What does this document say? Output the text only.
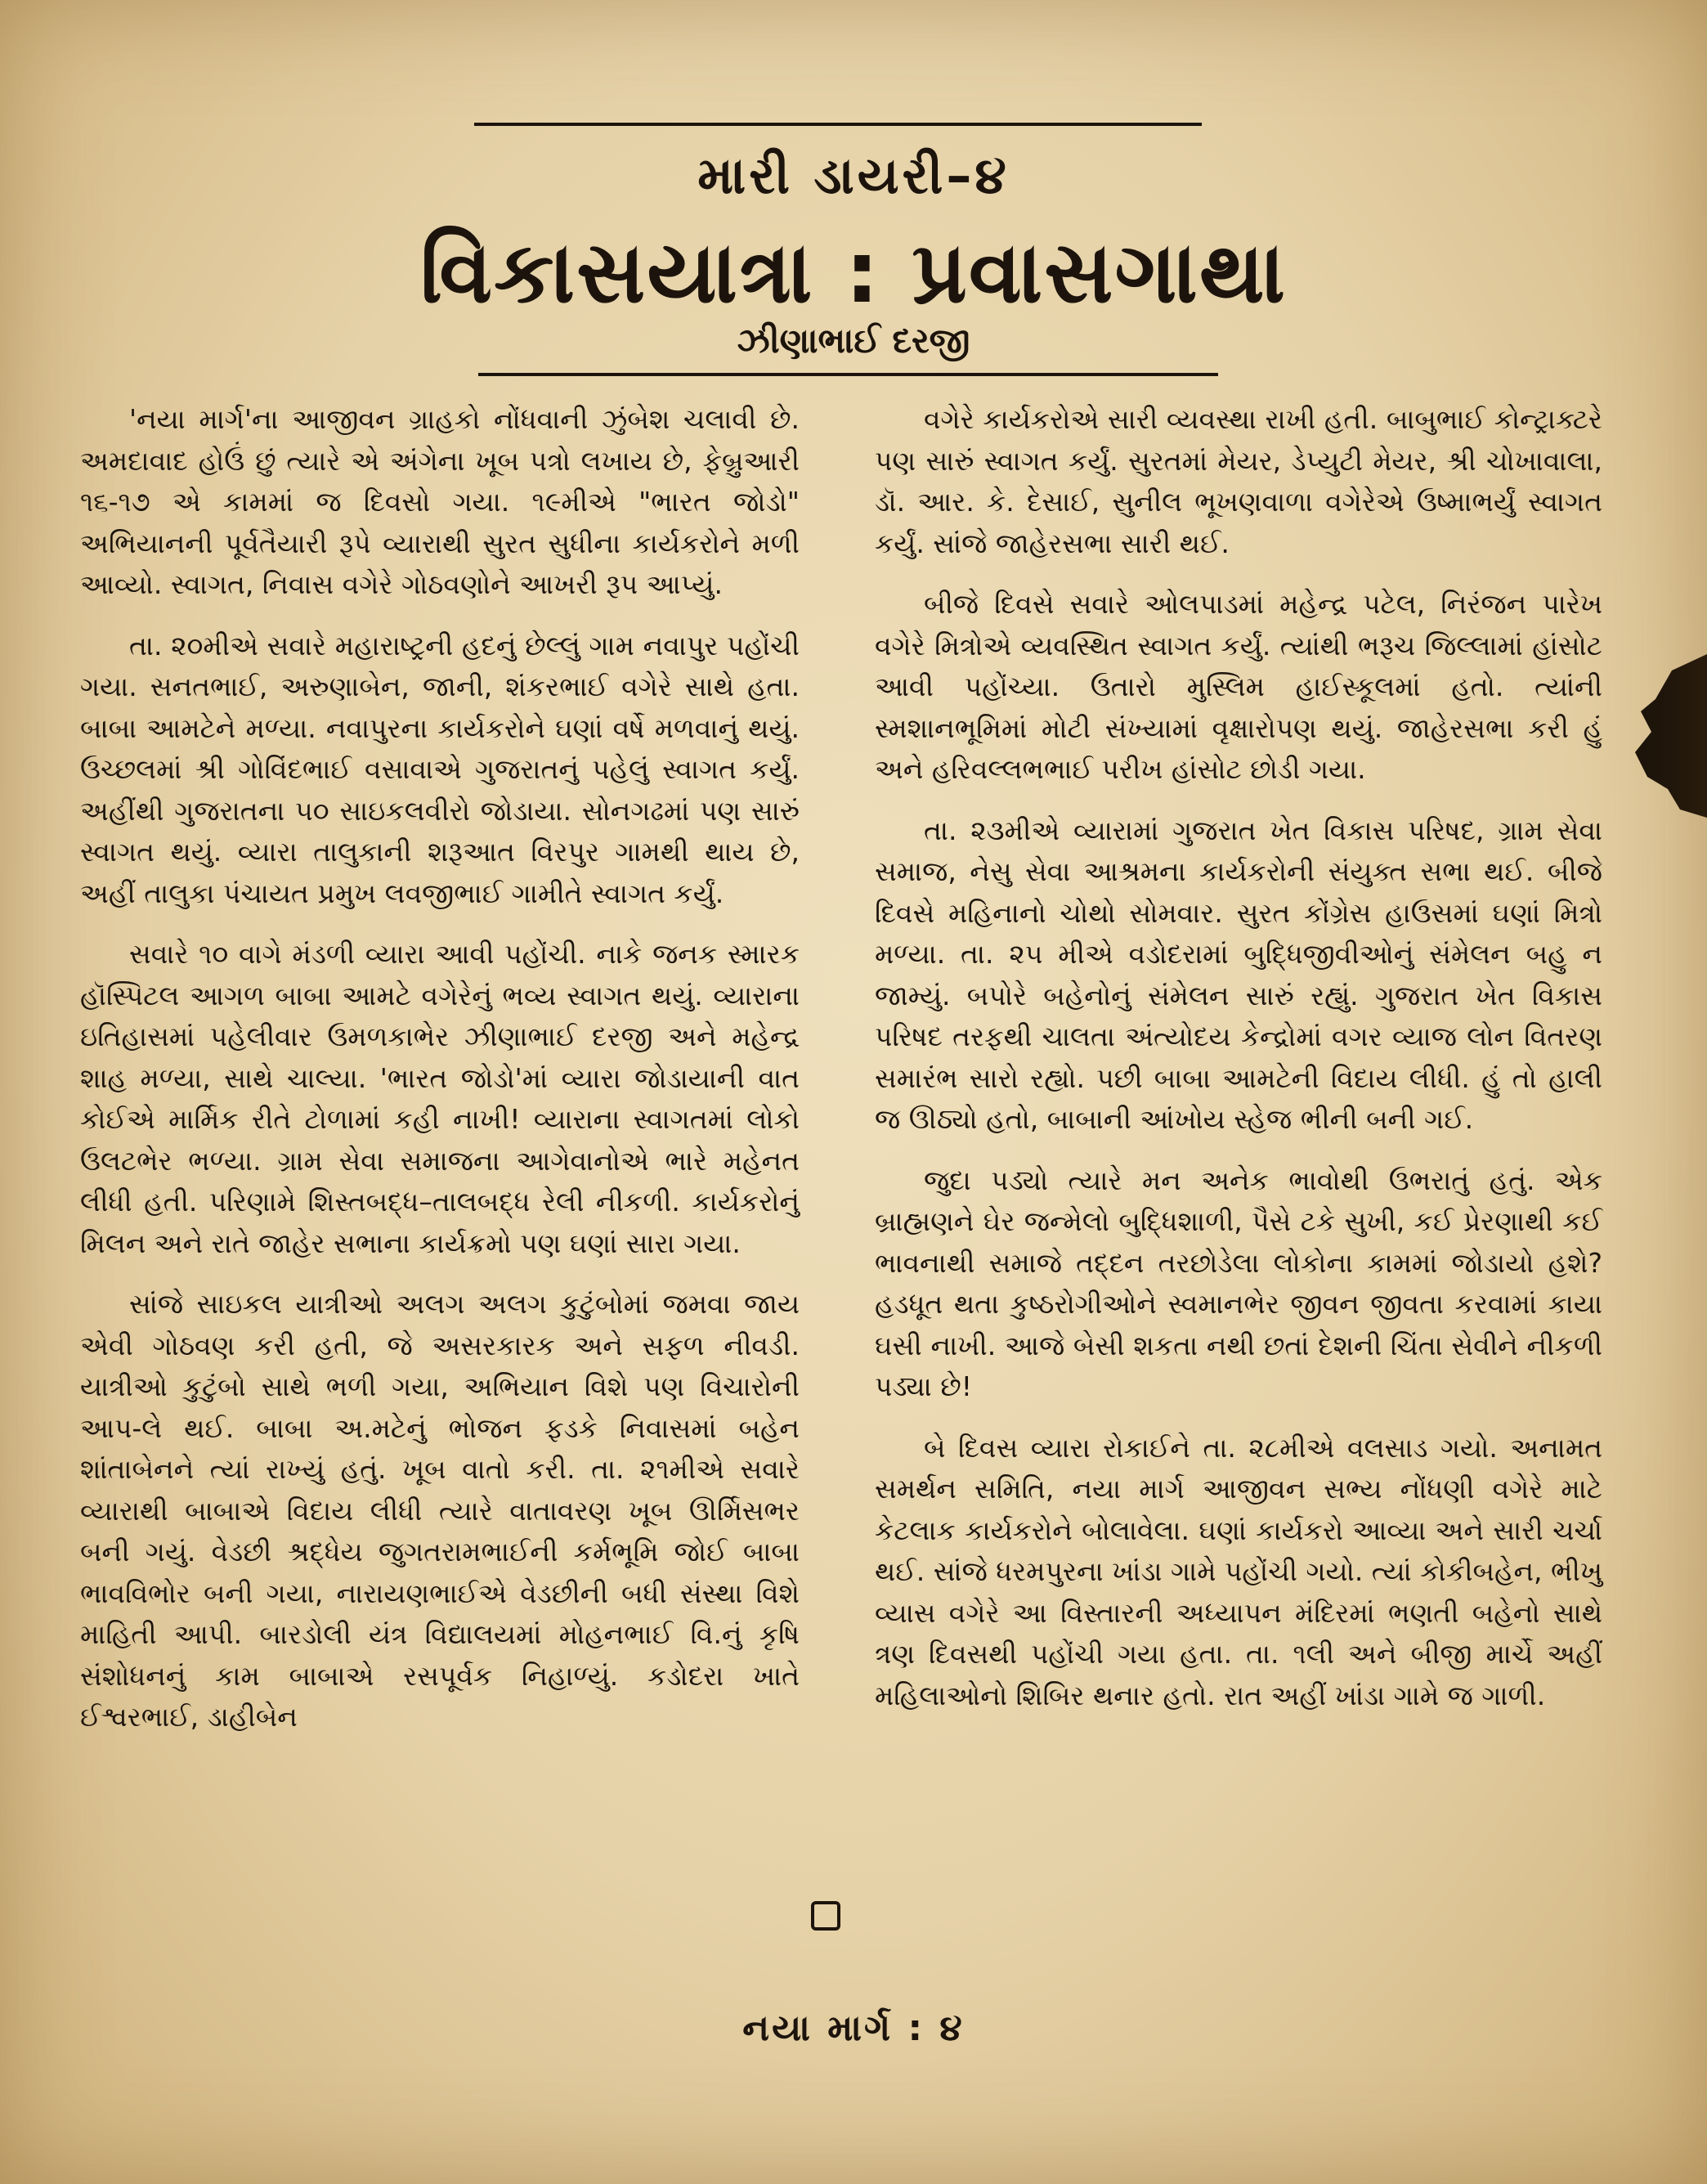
મારી ડાયરી–૪
વિકાસયાત્રા : પ્રવાસગાથા
ઝીણાભાઈ દરજી

'નયા માર્ગ'ના આજીવન ગ્રાહકો નોંધવાની ઝુંબેશ ચલાવી છે. અમદાવાદ હોઉં છું ત્યારે એ અંગેના ખૂબ પત્રો લખાય છે, ફેબ્રુઆરી ૧૬-૧૭ એ કામમાં જ દિવસો ગયા. ૧૯મીએ "ભારત જોડો" અભિયાનની પૂર્વતૈયારી રૂપે વ્યારાથી સુરત સુધીના કાર્યકરોને મળી આવ્યો. સ્વાગત, નિવાસ વગેરે ગોઠવણોને આખરી રૂપ આપ્યું.

તા. ૨૦મીએ સવારે મહારાષ્ટ્રની હદનું છેલ્લું ગામ નવાપુર પહોંચી ગયા. સનતભાઈ, અરુણાબેન, જાની, શંકરભાઈ વગેરે સાથે હતા. બાબા આમટેને મળ્યા. નવાપુરના કાર્યકરોને ઘણાં વર્ષે મળવાનું થયું. ઉચ્છલમાં શ્રી ગોવિંદભાઈ વસાવાએ ગુજરાતનું પહેલું સ્વાગત કર્યું. અહીંથી ગુજરાતના ૫૦ સાઇકલવીરો જોડાયા. સોનગઢમાં પણ સારું સ્વાગત થયું. વ્યારા તાલુકાની શરૂઆત વિરપુર ગામથી થાય છે, અહીં તાલુકા પંચાયત પ્રમુખ લવજીભાઈ ગામીતે સ્વાગત કર્યું.

સવારે ૧૦ વાગે મંડળી વ્યારા આવી પહોંચી. નાકે જનક સ્મારક હૉસ્પિટલ આગળ બાબા આમટે વગેરેનું ભવ્ય સ્વાગત થયું. વ્યારાના ઇતિહાસમાં પહેલીવાર ઉમળકાભેર ઝીણાભાઈ દરજી અને મહેન્દ્ર શાહ મળ્યા, સાથે ચાલ્યા. 'ભારત જોડો'માં વ્યારા જોડાયાની વાત કોઈએ માર્મિક રીતે ટોળામાં કહી નાખી! વ્યારાના સ્વાગતમાં લોકો ઉલટભેર ભળ્યા. ગ્રામ સેવા સમાજના આગેવાનોએ ભારે મહેનત લીધી હતી. પરિણામે શિસ્તબદ્ધ–તાલબદ્ધ રેલી નીકળી. કાર્યકરોનું મિલન અને રાતે જાહેર સભાના કાર્યક્રમો પણ ઘણાં સારા ગયા.

સાંજે સાઇકલ યાત્રીઓ અલગ અલગ કુટુંબોમાં જમવા જાય એવી ગોઠવણ કરી હતી, જે અસરકારક અને સફળ નીવડી. યાત્રીઓ કુટુંબો સાથે ભળી ગયા, અભિયાન વિશે પણ વિચારોની આપ-લે થઈ. બાબા અ.મટેનું ભોજન ફડકે નિવાસમાં બહેન શાંતાબેનને ત્યાં રાખ્યું હતું. ખૂબ વાતો કરી. તા. ૨૧મીએ સવારે વ્યારાથી બાબાએ વિદાય લીધી ત્યારે વાતાવરણ ખૂબ ઊર્મિસભર બની ગયું. વેડછી શ્રદ્ધેય જુગતરામભાઈની કર્મભૂમિ જોઈ બાબા ભાવવિભોર બની ગયા, નારાયણભાઈએ વેડછીની બધી સંસ્થા વિશે માહિતી આપી. બારડોલી યંત્ર વિદ્યાલયમાં મોહનભાઈ વિ.નું કૃષિ સંશોધનનું કામ બાબાએ રસપૂર્વક નિહાળ્યું. કડોદરા ખાતે ઈશ્વરભાઈ, ડાહીબેન

વગેરે કાર્યકરોએ સારી વ્યવસ્થા રાખી હતી. બાબુભાઈ કોન્ટ્રાક્ટરે પણ સારું સ્વાગત કર્યું. સુરતમાં મેયર, ડેપ્યુટી મેયર, શ્રી ચોખાવાલા, ડૉ. આર. કે. દેસાઈ, સુનીલ ભૂખણવાળા વગેરેએ ઉષ્માભર્યું સ્વાગત કર્યું. સાંજે જાહેરસભા સારી થઈ.

બીજે દિવસે સવારે ઓલપાડમાં મહેન્દ્ર પટેલ, નિરંજન પારેખ વગેરે મિત્રોએ વ્યવસ્થિત સ્વાગત કર્યું. ત્યાંથી ભરૂચ જિલ્લામાં હાંસોટ આવી પહોંચ્યા. ઉતારો મુસ્લિમ હાઈસ્કૂલમાં હતો. ત્યાંની સ્મશાનભૂમિમાં મોટી સંખ્યામાં વૃક્ષારોપણ થયું. જાહેરસભા કરી હું અને હરિવલ્લભભાઈ પરીખ હાંસોટ છોડી ગયા.

તા. ૨૩મીએ વ્યારામાં ગુજરાત ખેત વિકાસ પરિષદ, ગ્રામ સેવા સમાજ, નેસુ સેવા આશ્રમના કાર્યકરોની સંયુક્ત સભા થઈ. બીજે દિવસે મહિનાનો ચોથો સોમવાર. સુરત કોંગ્રેસ હાઉસમાં ઘણાં મિત્રો મળ્યા. તા. ૨૫ મીએ વડોદરામાં બુદ્ધિજીવીઓનું સંમેલન બહુ ન જામ્યું. બપોરે બહેનોનું સંમેલન સારું રહ્યું. ગુજરાત ખેત વિકાસ પરિષદ તરફથી ચાલતા અંત્યોદય કેન્દ્રોમાં વગર વ્યાજ લોન વિતરણ સમારંભ સારો રહ્યો. પછી બાબા આમટેની વિદાય લીધી. હું તો હાલી જ ઊઠ્યો હતો, બાબાની આંખોય સ્હેજ ભીની બની ગઈ.

જુદા પડ્યો ત્યારે મન અનેક ભાવોથી ઉભરાતું હતું. એક બ્રાહ્મણને ઘેર જન્મેલો બુદ્ધિશાળી, પૈસે ટકે સુખી, કઈ પ્રેરણાથી કઈ ભાવનાથી સમાજે તદ્દન તરછોડેલા લોકોના કામમાં જોડાયો હશે? હડધૂત થતા કુષ્ઠરોગીઓને સ્વમાનભેર જીવન જીવતા કરવામાં કાયા ઘસી નાખી. આજે બેસી શકતા નથી છતાં દેશની ચિંતા સેવીને નીકળી પડ્યા છે!

બે દિવસ વ્યારા રોકાઈને તા. ૨૮મીએ વલસાડ ગયો. અનામત સમર્થન સમિતિ, નયા માર્ગ આજીવન સભ્ય નોંધણી વગેરે માટે કેટલાક કાર્યકરોને બોલાવેલા. ઘણાં કાર્યકરો આવ્યા અને સારી ચર્ચા થઈ. સાંજે ધરમપુરના ખાંડા ગામે પહોંચી ગયો. ત્યાં કોકીબહેન, ભીખુ વ્યાસ વગેરે આ વિસ્તારની અધ્યાપન મંદિરમાં ભણતી બહેનો સાથે ત્રણ દિવસથી પહોંચી ગયા હતા. તા. ૧લી અને બીજી માર્ચે અહીં મહિલાઓનો શિબિર થનાર હતો. રાત અહીં ખાંડા ગામે જ ગાળી.

નયા માર્ગ : ૪
